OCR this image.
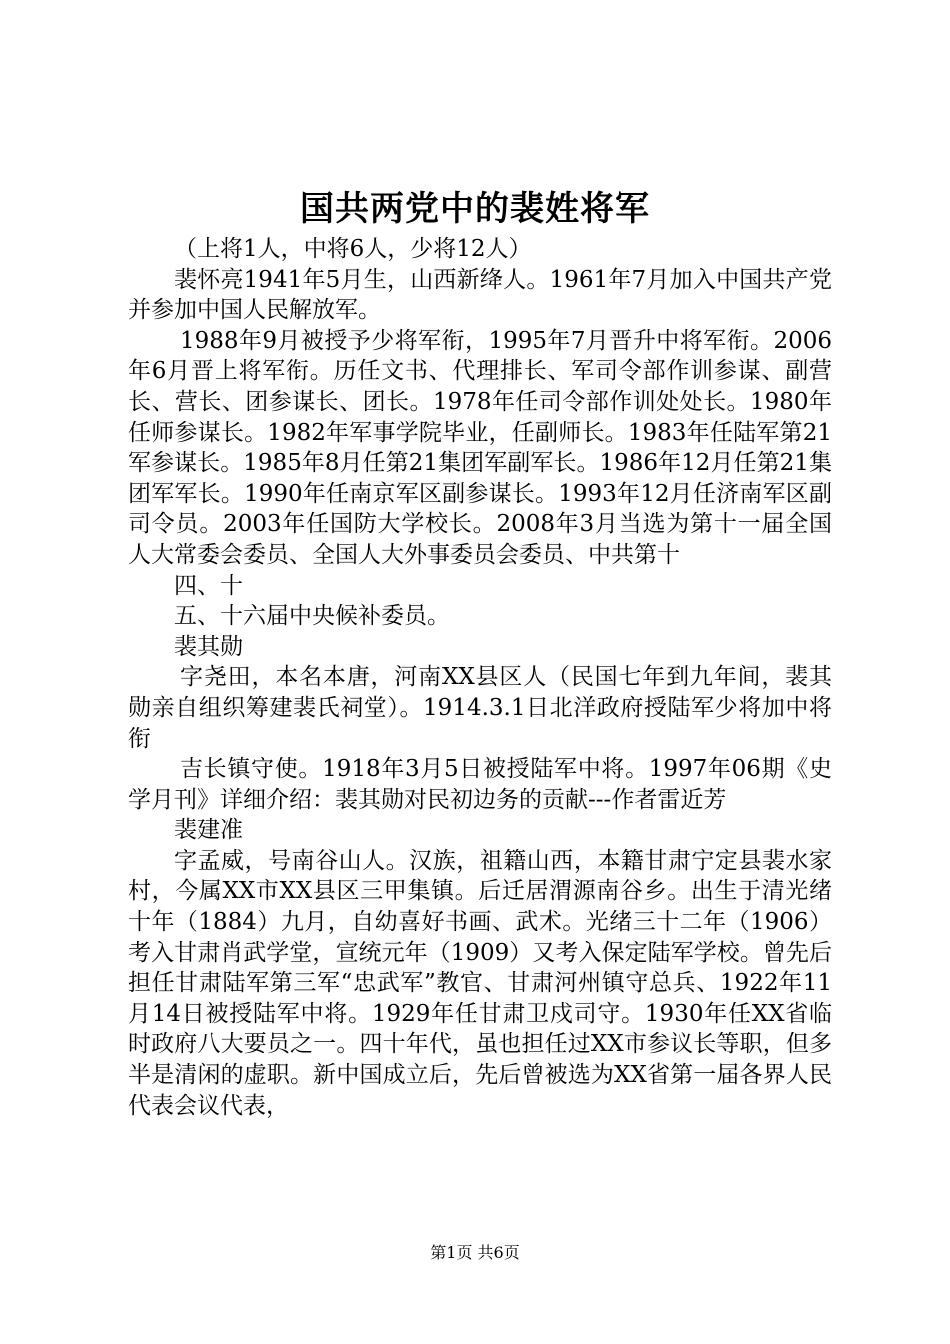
国共两党中的裴姓将军

（上将1人，中将6人，少将12人）

裴怀亮1941年5月生，山西新绛人。1961年7月加入中国共产党并参加中国人民解放军。

1988年9月被授予少将军衔，1995年7月晋升中将军衔。2006年6月晋上将军衔。历任文书、代理排长、军司令部作训参谋、副营长、营长、团参谋长、团长。1978年任司令部作训处处长。1980年任师参谋长。1982年军事学院毕业，任副师长。1983年任陆军第21军参谋长。1985年8月任第21集团军副军长。1986年12月任第21集团军军长。1990年任南京军区副参谋长。1993年12月任济南军区副司令员。2003年任国防大学校长。2008年3月当选为第十一届全国人大常委会委员、全国人大外事委员会委员、中共第十

四、十

五、十六届中央候补委员。

裴其勋

字尧田，本名本唐，河南XX县区人（民国七年到九年间，裴其勋亲自组织筹建裴氏祠堂）。1914.3.1日北洋政府授陆军少将加中将衔

吉长镇守使。1918年3月5日被授陆军中将。1997年06期《史学月刊》详细介绍：裴其勋对民初边务的贡献---作者雷近芳

裴建准

字孟威，号南谷山人。汉族，祖籍山西，本籍甘肃宁定县裴水家村，今属XX市XX县区三甲集镇。后迁居渭源南谷乡。出生于清光绪十年（1884）九月，自幼喜好书画、武术。光绪三十二年（1906）考入甘肃肖武学堂，宣统元年（1909）又考入保定陆军学校。曾先后担任甘肃陆军第三军“忠武军”教官、甘肃河州镇守总兵、1922年11月14日被授陆军中将。1929年任甘肃卫戍司守。1930年任XX省临时政府八大要员之一。四十年代，虽也担任过XX市参议长等职，但多半是清闲的虚职。新中国成立后，先后曾被选为XX省第一届各界人民代表会议代表，

第1页 共6页
